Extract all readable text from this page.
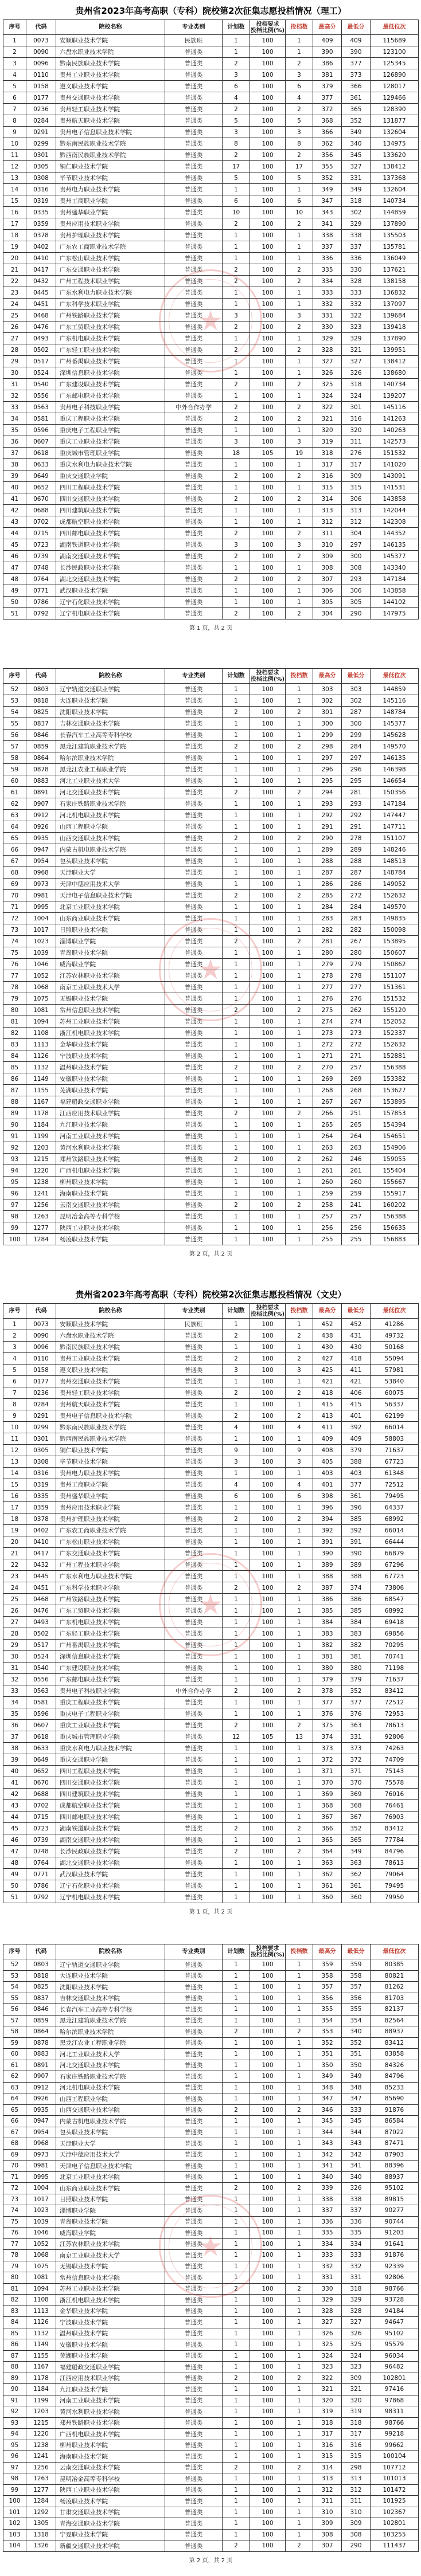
贵州省2023年高考高职（专科）院校第2次征集志愿投档情况（理工）
序号	代码	院校名称	专业类别	计划数	投档要求
投档比例(%)	投档数	最高分	最低分	最低位次
1	0073	安顺职业技术学院	民族班	1	100	1	409	409	115689
2	0090	六盘水职业技术学院	普通类	1	100	1	390	390	123100
3	0096	黔南民族职业技术学院	普通类	2	100	2	386	377	125345
4	0110	贵州工业职业技术学院	普通类	3	100	3	381	373	126890
5	0158	遵义职业技术学院	普通类	6	100	6	379	366	128017
6	0177	贵州交通职业技术学院	普通类	4	100	4	377	361	129466
7	0236	贵州轻工职业技术学院	普通类	2	100	2	372	365	128390
8	0284	贵州航天职业技术学院	普通类	5	100	5	368	352	131877
9	0291	贵州电子信息职业技术学院	普通类	3	100	3	366	349	132604
10	0299	黔东南民族职业技术学院	普通类	8	100	8	362	340	134975
11	0301	黔西南民族职业技术学院	普通类	2	100	2	356	345	133620
12	0305	铜仁职业技术学院	普通类	17	100	17	355	327	138412
13	0308	毕节职业技术学院	普通类	5	100	5	352	331	137368
14	0316	贵州电力职业技术学院	普通类	1	100	1	349	349	132604
15	0319	贵州工商职业学院	普通类	6	100	6	347	318	140734
16	0335	贵州盛华职业学院	普通类	10	100	10	343	302	144859
17	0359	贵州应用技术职业学院	普通类	2	100	2	341	329	137890
18	0378	贵州护理职业技术学院	普通类	1	100	1	338	338	135503
19	0402	广东农工商职业技术学院	普通类	1	100	1	337	337	135781
20	0410	广东松山职业技术学院	普通类	1	100	1	336	336	136049
21	0417	广东交通职业技术学院	普通类	2	100	2	335	330	137621
22	0432	广州工程技术职业学院	普通类	2	100	2	334	328	138158
23	0445	广东水利电力职业技术学院	普通类	1	100	1	333	333	136832
24	0451	广东科学技术职业学院	普通类	1	100	1	332	332	137097
25	0468	广州铁路职业技术学院	普通类	3	100	3	331	322	139684
26	0476	广东工贸职业技术学院	普通类	2	100	2	330	323	139418
27	0493	广东机电职业技术学院	普通类	1	100	1	329	329	137890
28	0502	广东轻工职业技术学院	普通类	2	100	2	328	321	139951
29	0517	广州番禺职业技术学院	普通类	1	100	1	327	327	138412
30	0524	深圳信息职业技术学院	普通类	1	100	1	326	326	138680
31	0540	广东建设职业技术学院	普通类	2	100	2	325	318	140734
32	0556	广东邮电职业技术学院	普通类	1	100	1	324	324	139207
33	0563	贵州电子科技职业学院	中外合作办学	2	100	2	322	301	145116
34	0581	重庆工程职业技术学院	普通类	2	100	2	321	316	141263
35	0596	重庆电子工程职业学院	普通类	1	100	1	320	320	140263
36	0607	重庆工业职业技术学院	普通类	3	100	3	319	311	142573
37	0618	重庆城市管理职业学院	普通类	18	105	19	318	276	151532
38	0633	重庆水利电力职业技术学院	普通类	1	100	1	317	317	141020
39	0649	重庆交通职业学院	普通类	2	100	2	316	309	143091
40	0652	四川工程职业技术学院	普通类	1	100	1	315	315	141531
41	0670	四川交通职业技术学院	普通类	2	100	2	314	306	143858
42	0688	四川建筑职业技术学院	普通类	1	100	1	313	313	142044
43	0702	成都航空职业技术学院	普通类	1	100	1	312	312	142308
44	0715	四川邮电职业技术学院	普通类	2	100	2	311	304	144352
45	0723	湖南铁道职业技术学院	普通类	3	100	3	310	297	146135
46	0739	湖南交通职业技术学院	普通类	2	100	2	309	300	145377
47	0748	长沙民政职业技术学院	普通类	1	100	1	308	308	143340
48	0764	湖北交通职业技术学院	普通类	2	100	2	307	293	147184
49	0771	武汉职业技术学院	普通类	1	100	1	306	306	143858
50	0786	辽宁石化职业技术学院	普通类	1	100	1	305	305	144102
51	0792	辽宁机电职业技术学院	普通类	2	100	2	304	290	147975
第 1 页，共 2 页
★
序号	代码	院校名称	专业类别	计划数	投档要求
投档比例(%)	投档数	最高分	最低分	最低位次
52	0803	辽宁轨道交通职业学院	普通类	1	100	1	303	303	144859
53	0818	大连职业技术学院	普通类	1	100	1	302	302	145116
54	0825	沈阳职业技术学院	普通类	2	100	2	301	287	148784
55	0837	吉林交通职业技术学院	普通类	1	100	1	300	300	145377
56	0846	长春汽车工业高等专科学校	普通类	1	100	1	299	299	145628
57	0859	黑龙江建筑职业技术学院	普通类	2	100	2	298	284	149570
58	0864	哈尔滨职业技术学院	普通类	1	100	1	297	297	146135
59	0878	黑龙江农业工程职业学院	普通类	1	100	1	296	296	146398
60	0883	河北工业职业技术大学	普通类	1	100	1	295	295	146654
61	0891	河北交通职业技术学院	普通类	2	100	2	294	281	150356
62	0907	石家庄铁路职业技术学院	普通类	1	100	1	293	293	147184
63	0912	河北机电职业技术学院	普通类	1	100	1	292	292	147447
64	0926	山西工程职业学院	普通类	1	100	1	291	291	147711
65	0935	山西交通职业技术学院	普通类	2	100	2	290	278	151107
66	0947	内蒙古机电职业技术学院	普通类	1	100	1	289	289	148246
67	0954	包头职业技术学院	普通类	1	100	1	288	288	148513
68	0968	天津职业大学	普通类	1	100	1	287	287	148784
69	0973	天津中德应用技术大学	普通类	1	100	1	286	286	149052
70	0981	天津电子信息职业技术学院	普通类	2	100	2	285	272	152632
71	0995	北京工业职业技术学院	普通类	1	100	1	284	284	149570
72	1004	山东商业职业技术学院	普通类	1	100	1	283	283	149835
73	1017	日照职业技术学院	普通类	1	100	1	282	282	150098
74	1023	淄博职业学院	普通类	2	100	2	281	267	153895
75	1039	青岛职业技术学院	普通类	1	100	1	280	280	150607
76	1046	威海职业学院	普通类	1	100	1	279	279	150862
77	1052	江苏农林职业技术学院	普通类	1	100	1	278	278	151107
78	1068	南京工业职业技术大学	普通类	1	100	1	277	277	151361
79	1075	无锡职业技术学院	普通类	1	100	1	276	276	151532
80	1081	常州信息职业技术学院	普通类	2	100	2	275	262	155120
81	1094	苏州工业职业技术学院	普通类	1	100	1	274	274	152052
82	1108	浙江机电职业技术学院	普通类	1	100	1	273	273	152337
83	1113	金华职业技术学院	普通类	1	100	1	272	272	152632
84	1126	宁波职业技术学院	普通类	1	100	1	271	271	152881
85	1132	温州职业技术学院	普通类	2	100	2	270	257	156388
86	1149	安徽职业技术学院	普通类	1	100	1	269	269	153382
87	1155	芜湖职业技术学院	普通类	1	100	1	268	268	153627
88	1167	福建船政交通职业学院	普通类	1	100	1	267	267	153895
89	1178	江西应用技术职业学院	普通类	2	100	2	266	251	157853
90	1184	九江职业技术学院	普通类	1	100	1	265	265	154394
91	1199	河南工业职业技术学院	普通类	1	100	1	264	264	154651
92	1203	黄河水利职业技术学院	普通类	1	100	1	263	263	154906
93	1215	郑州铁路职业技术学院	普通类	2	100	2	262	246	159055
94	1220	广西机电职业技术学院	普通类	1	100	1	261	261	155404
95	1238	柳州职业技术学院	普通类	1	100	1	260	260	155667
96	1241	海南职业技术学院	普通类	1	100	1	259	259	155917
97	1256	云南交通职业技术学院	普通类	2	100	2	258	241	160202
98	1263	昆明冶金高等专科学校	普通类	1	100	1	257	257	156388
99	1277	陕西工业职业技术学院	普通类	1	100	1	256	256	156635
100	1284	杨凌职业技术学院	普通类	1	100	1	255	255	156883
第 2 页，共 2 页
★
贵州省2023年高考高职（专科）院校第2次征集志愿投档情况（文史）
序号	代码	院校名称	专业类别	计划数	投档要求
投档比例(%)	投档数	最高分	最低分	最低位次
1	0073	安顺职业技术学院	民族班	1	100	1	452	452	41286
2	0090	六盘水职业技术学院	普通类	2	100	2	438	431	49732
3	0096	黔南民族职业技术学院	普通类	1	100	1	430	430	50168
4	0110	贵州工业职业技术学院	普通类	2	100	2	427	418	55094
5	0158	遵义职业技术学院	普通类	3	100	3	425	411	57981
6	0177	贵州交通职业技术学院	普通类	1	100	1	421	421	53840
7	0236	贵州轻工职业技术学院	普通类	2	100	2	418	406	60075
8	0284	贵州航天职业技术学院	普通类	1	100	1	415	415	56337
9	0291	贵州电子信息职业技术学院	普通类	2	100	2	413	401	62199
10	0299	黔东南民族职业技术学院	普通类	4	100	4	411	392	66014
11	0301	黔西南民族职业技术学院	普通类	1	100	1	409	409	58803
12	0305	铜仁职业技术学院	普通类	9	100	9	408	379	71637
13	0308	毕节职业技术学院	普通类	3	100	3	405	388	67723
14	0316	贵州电力职业技术学院	普通类	1	100	1	403	403	61348
15	0319	贵州工商职业学院	普通类	4	100	4	401	377	72512
16	0335	贵州盛华职业学院	普通类	6	100	6	398	361	79495
17	0359	贵州应用技术职业学院	普通类	1	100	1	396	396	64337
18	0378	贵州护理职业技术学院	普通类	2	100	2	394	385	68992
19	0402	广东农工商职业技术学院	普通类	1	100	1	392	392	66014
20	0410	广东松山职业技术学院	普通类	1	100	1	391	391	66444
21	0417	广东交通职业技术学院	普通类	1	100	1	390	390	66879
22	0432	广州工程技术职业学院	普通类	1	100	1	389	389	67296
23	0445	广东水利电力职业技术学院	普通类	1	100	1	388	388	67723
24	0451	广东科学技术职业学院	普通类	2	100	2	387	374	73806
25	0468	广州铁路职业技术学院	普通类	1	100	1	386	386	68547
26	0476	广东工贸职业技术学院	普通类	1	100	1	385	385	68992
27	0493	广东机电职业技术学院	普通类	1	100	1	384	384	69418
28	0502	广东轻工职业技术学院	普通类	1	100	1	383	383	69856
29	0517	广州番禺职业技术学院	普通类	1	100	1	382	382	70295
30	0524	深圳信息职业技术学院	普通类	1	100	1	381	381	70741
31	0540	广东建设职业技术学院	普通类	1	100	1	380	380	71198
32	0556	广东邮电职业技术学院	普通类	1	100	1	379	379	71637
33	0563	贵州电子科技职业学院	中外合作办学	2	100	2	378	352	83412
34	0581	重庆工程职业技术学院	普通类	1	100	1	377	377	72512
35	0596	重庆电子工程职业学院	普通类	1	100	1	376	376	72953
36	0607	重庆工业职业技术学院	普通类	2	100	2	375	363	78613
37	0618	重庆城市管理职业学院	普通类	12	105	13	374	331	92806
38	0633	重庆水利电力职业技术学院	普通类	1	100	1	373	373	74263
39	0649	重庆交通职业学院	普通类	1	100	1	372	372	74709
40	0652	四川工程职业技术学院	普通类	1	100	1	371	371	75143
41	0670	四川交通职业技术学院	普通类	1	100	1	370	370	75578
42	0688	四川建筑职业技术学院	普通类	1	100	1	369	369	76016
43	0702	成都航空职业技术学院	普通类	1	100	1	368	368	76461
44	0715	四川邮电职业技术学院	普通类	1	100	1	367	367	76903
45	0723	湖南铁道职业技术学院	普通类	2	100	2	366	352	83412
46	0739	湖南交通职业技术学院	普通类	1	100	1	365	365	77784
47	0748	长沙民政职业技术学院	普通类	2	100	2	364	349	84796
48	0764	湖北交通职业技术学院	普通类	1	100	1	363	363	78613
49	0771	武汉职业技术学院	普通类	1	100	1	362	362	79064
50	0786	辽宁石化职业技术学院	普通类	1	100	1	361	361	79495
51	0792	辽宁机电职业技术学院	普通类	1	100	1	360	360	79950
第 1 页，共 2 页
★
序号	代码	院校名称	专业类别	计划数	投档要求
投档比例(%)	投档数	最高分	最低分	最低位次
52	0803	辽宁轨道交通职业学院	普通类	1	100	1	359	359	80385
53	0818	大连职业技术学院	普通类	1	100	1	358	358	80821
54	0825	沈阳职业技术学院	普通类	1	100	1	357	357	81262
55	0837	吉林交通职业技术学院	普通类	1	100	1	356	356	81703
56	0846	长春汽车工业高等专科学校	普通类	1	100	1	355	355	82137
57	0859	黑龙江建筑职业技术学院	普通类	1	100	1	354	354	82564
58	0864	哈尔滨职业技术学院	普通类	2	100	2	353	340	88937
59	0878	黑龙江农业工程职业学院	普通类	1	100	1	352	352	83412
60	0883	河北工业职业技术大学	普通类	1	100	1	351	351	83858
61	0891	河北交通职业技术学院	普通类	1	100	1	350	350	84326
62	0907	石家庄铁路职业技术学院	普通类	1	100	1	349	349	84796
63	0912	河北机电职业技术学院	普通类	1	100	1	348	348	85233
64	0926	山西工程职业学院	普通类	1	100	1	347	347	85690
65	0935	山西交通职业技术学院	普通类	2	100	2	346	333	91876
66	0947	内蒙古机电职业技术学院	普通类	1	100	1	345	345	86584
67	0954	包头职业技术学院	普通类	1	100	1	344	344	87022
68	0968	天津职业大学	普通类	1	100	1	343	343	87471
69	0973	天津中德应用技术大学	普通类	1	100	1	342	342	87903
70	0981	天津电子信息职业技术学院	普通类	1	100	1	341	341	88396
71	0995	北京工业职业技术学院	普通类	1	100	1	340	340	88937
72	1004	山东商业职业技术学院	普通类	2	100	2	339	326	95102
73	1017	日照职业技术学院	普通类	1	100	1	338	338	89815
74	1023	淄博职业学院	普通类	1	100	1	337	337	90277
75	1039	青岛职业技术学院	普通类	1	100	1	336	336	90744
76	1046	威海职业学院	普通类	1	100	1	335	335	91203
77	1052	江苏农林职业技术学院	普通类	1	100	1	334	334	91641
78	1068	南京工业职业技术大学	普通类	1	100	1	333	333	91876
79	1075	无锡职业技术学院	普通类	1	100	1	332	332	92339
80	1081	常州信息职业技术学院	普通类	1	100	1	331	331	92806
81	1094	苏州工业职业技术学院	普通类	2	100	2	330	318	98766
82	1108	浙江机电职业技术学院	普通类	1	100	1	329	329	93728
83	1113	金华职业技术学院	普通类	1	100	1	328	328	94184
84	1126	宁波职业技术学院	普通类	1	100	1	327	327	94647
85	1132	温州职业技术学院	普通类	1	100	1	326	326	95102
86	1149	安徽职业技术学院	普通类	1	100	1	325	325	95579
87	1155	芜湖职业技术学院	普通类	1	100	1	324	324	96034
88	1167	福建船政交通职业学院	普通类	1	100	1	323	323	96482
89	1178	江西应用技术职业学院	普通类	2	100	2	322	309	102801
90	1184	九江职业技术学院	普通类	1	100	1	321	321	97416
91	1199	河南工业职业技术学院	普通类	1	100	1	320	320	97868
92	1203	黄河水利职业技术学院	普通类	1	100	1	319	319	98311
93	1215	郑州铁路职业技术学院	普通类	1	100	1	318	318	98766
94	1220	广西机电职业技术学院	普通类	1	100	1	317	317	99218
95	1238	柳州职业技术学院	普通类	1	100	1	316	316	99662
96	1241	海南职业技术学院	普通类	1	100	1	315	315	100104
97	1256	云南交通职业技术学院	普通类	2	100	2	314	298	107712
98	1263	昆明冶金高等专科学校	普通类	1	100	1	313	313	101013
99	1277	陕西工业职业技术学院	普通类	1	100	1	312	312	101472
100	1284	杨凌职业技术学院	普通类	1	100	1	311	311	101925
101	1292	甘肃交通职业技术学院	普通类	1	100	1	310	310	102367
102	1305	青海交通职业技术学院	普通类	1	100	1	309	309	102801
103	1318	宁夏职业技术学院	普通类	1	100	1	308	308	103255
104	1326	新疆交通职业技术学院	普通类	2	100	2	307	290	111437
第 2 页，共 2 页
★
